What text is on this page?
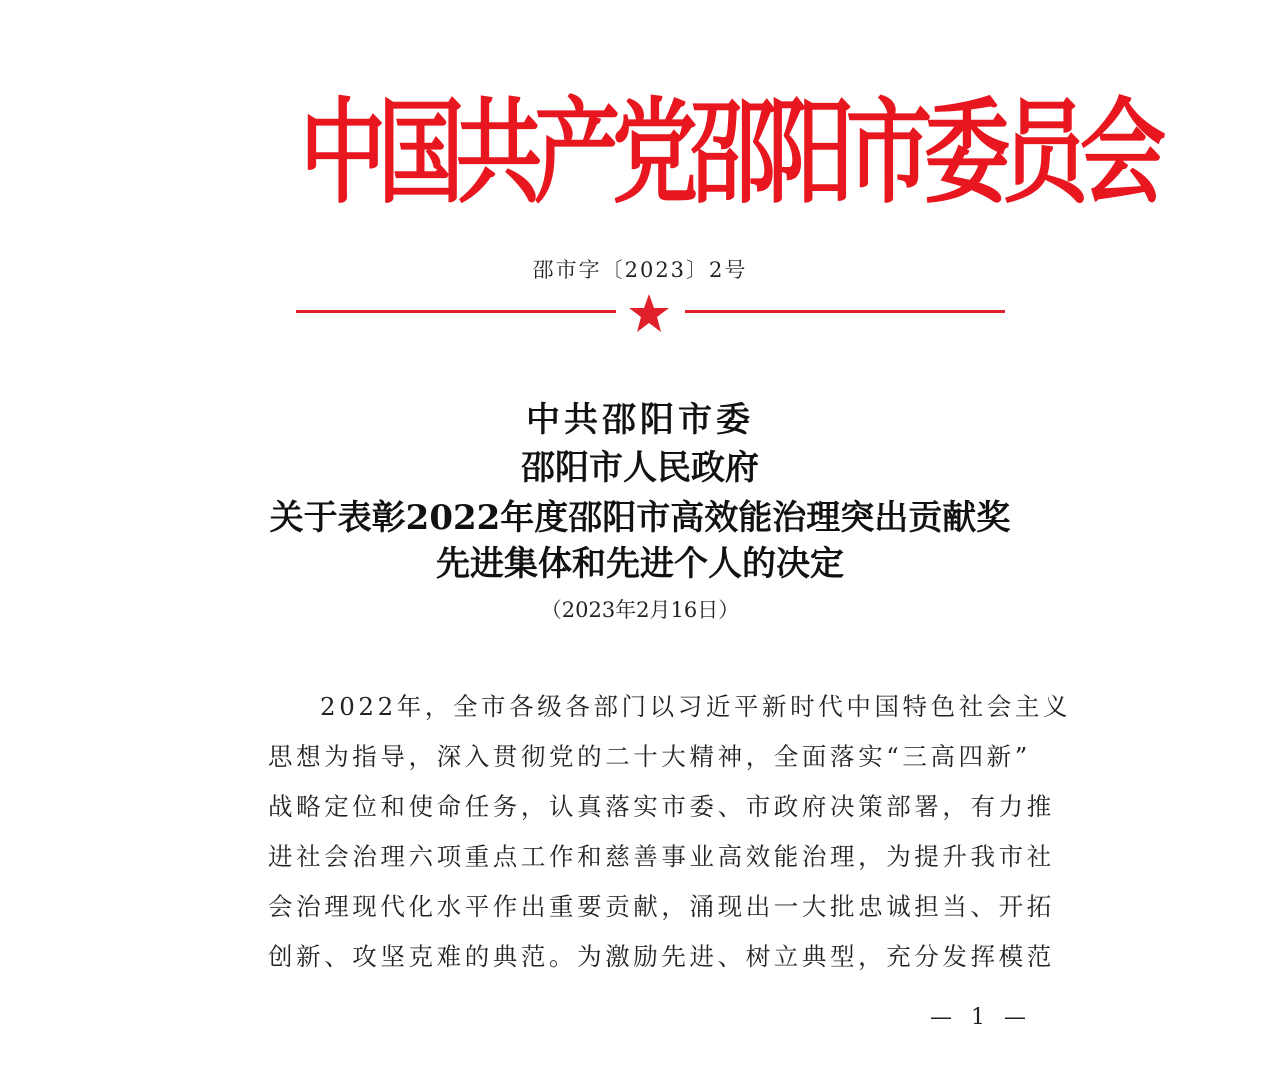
中国共产党邵阳市委员会
邵市字〔2023〕2号
中共邵阳市委
邵阳市人民政府
关于表彰2022年度邵阳市高效能治理突出贡献奖
先进集体和先进个人的决定
（2023年2月16日）
2022年，全市各级各部门以习近平新时代中国特色社会主义
思想为指导，深入贯彻党的二十大精神，全面落实“三高四新”
战略定位和使命任务，认真落实市委、市政府决策部署，有力推
进社会治理六项重点工作和慈善事业高效能治理，为提升我市社
会治理现代化水平作出重要贡献，涌现出一大批忠诚担当、开拓
创新、攻坚克难的典范。为激励先进、树立典型，充分发挥模范
— 1 —
